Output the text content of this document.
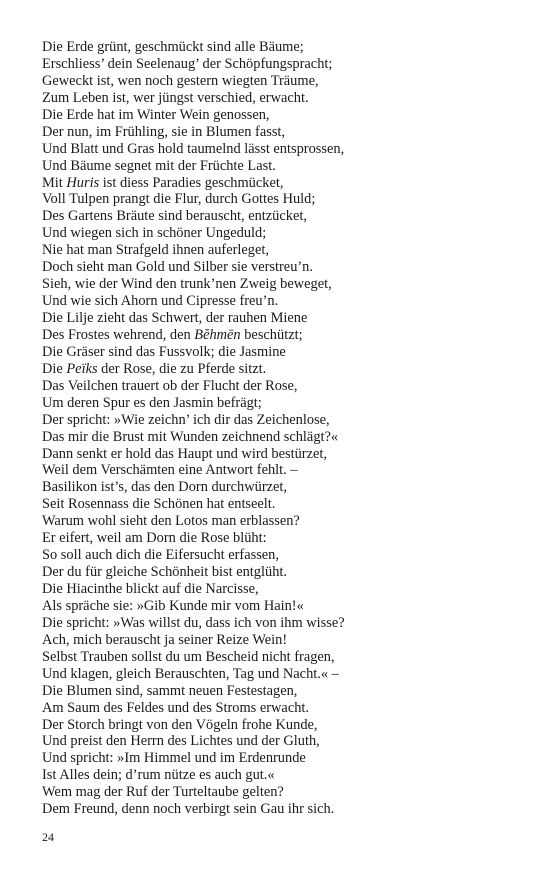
Die Erde grünt, geschmückt sind alle Bäume;
Erschliess’ dein Seelenaug’ der Schöpfungspracht;
Geweckt ist, wen noch gestern wiegten Träume,
Zum Leben ist, wer jüngst verschied, erwacht.
Die Erde hat im Winter Wein genossen,
Der nun, im Frühling, sie in Blumen fasst,
Und Blatt und Gras hold taumelnd lässt entsprossen,
Und Bäume segnet mit der Früchte Last.
Mit Huris ist diess Paradies geschmücket,
Voll Tulpen prangt die Flur, durch Gottes Huld;
Des Gartens Bräute sind berauscht, entzücket,
Und wiegen sich in schöner Ungeduld;
Nie hat man Strafgeld ihnen auferleget,
Doch sieht man Gold und Silber sie verstreu’n.
Sieh, wie der Wind den trunk’nen Zweig beweget,
Und wie sich Ahorn und Cipresse freu’n.
Die Lilje zieht das Schwert, der rauhen Miene
Des Frostes wehrend, den Bĕhmēn beschützt;
Die Gräser sind das Fussvolk; die Jasmine
Die Peïks der Rose, die zu Pferde sitzt.
Das Veilchen trauert ob der Flucht der Rose,
Um deren Spur es den Jasmin befrägt;
Der spricht: »Wie zeichn’ ich dir das Zeichenlose,
Das mir die Brust mit Wunden zeichnend schlägt?«
Dann senkt er hold das Haupt und wird bestürzet,
Weil dem Verschämten eine Antwort fehlt. –
Basilikon ist’s, das den Dorn durchwürzet,
Seit Rosennass die Schönen hat entseelt.
Warum wohl sieht den Lotos man erblassen?
Er eifert, weil am Dorn die Rose blüht:
So soll auch dich die Eifersucht erfassen,
Der du für gleiche Schönheit bist entglüht.
Die Hiacinthe blickt auf die Narcisse,
Als spräche sie: »Gib Kunde mir vom Hain!«
Die spricht: »Was willst du, dass ich von ihm wisse?
Ach, mich berauscht ja seiner Reize Wein!
Selbst Trauben sollst du um Bescheid nicht fragen,
Und klagen, gleich Berauschten, Tag und Nacht.« –
Die Blumen sind, sammt neuen Festestagen,
Am Saum des Feldes und des Stroms erwacht.
Der Storch bringt von den Vögeln frohe Kunde,
Und preist den Herrn des Lichtes und der Gluth,
Und spricht: »Im Himmel und im Erdenrunde
Ist Alles dein; d’rum nütze es auch gut.«
Wem mag der Ruf der Turteltaube gelten?
Dem Freund, denn noch verbirgt sein Gau ihr sich.
24
